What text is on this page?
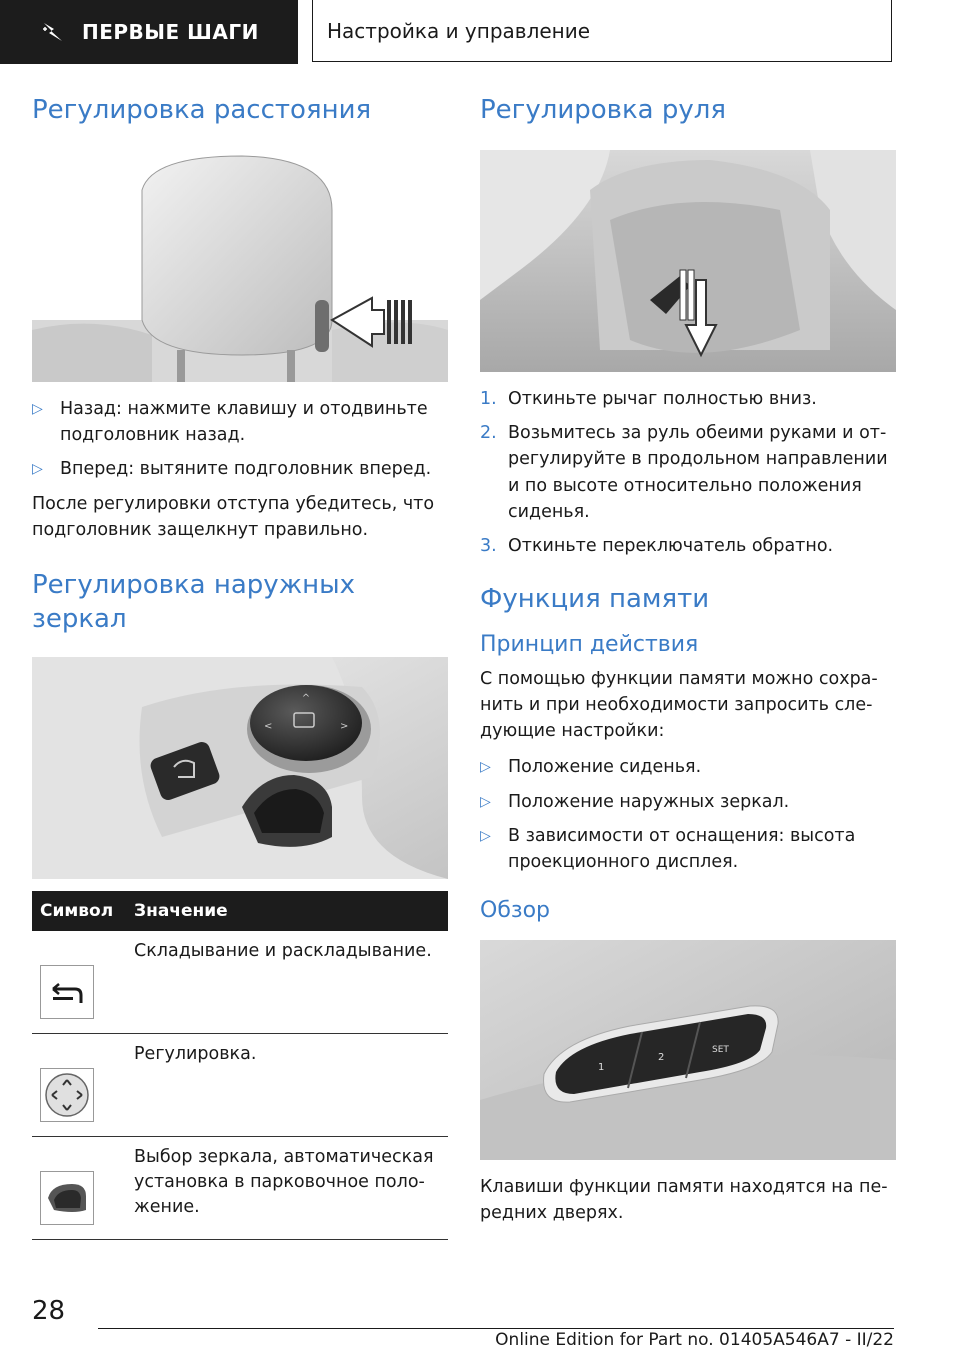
ПЕРВЫЕ ШАГИ	Настройка и управление
Регулировка расстояния
▷ Назад: нажмите клавишу и отодвиньте подголовник назад.
▷ Вперед: вытяните подголовник вперед.

После регулировки отступа убедитесь, что подголовник защелкнут правильно.

Регулировка наружных зеркал
^
<	>
Символ	Значение

	Складывание и раскладывание.

	Регулировка.

	Выбор зеркала, автоматическая установка в парковочное положение.
Регулировка руля
1. Откиньте рычаг полностью вниз.
2. Возьмитесь за руль обеими руками и отрегулируйте в продольном направлении и по высоте относительно положения сиденья.
3. Откиньте переключатель обратно.
Функция памяти
Принцип действия

С помощью функции памяти можно сохранить и при необходимости запросить следующие настройки:

▷ Положение сиденья.
▷ Положение наружных зеркал.
▷ В зависимости от оснащения: высота проекционного дисплея.
Обзор
1
2
SET

Клавиши функции памяти находятся на передних дверях.

28
Online Edition for Part no. 01405A546A7 - II/22
